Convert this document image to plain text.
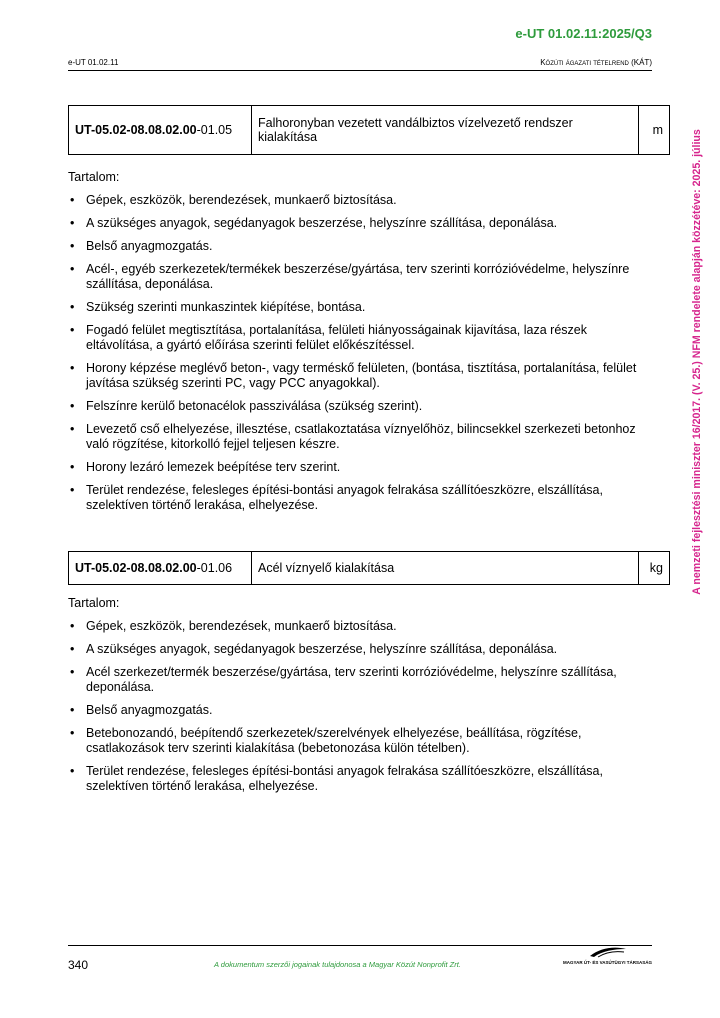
e-UT 01.02.11:2025/Q3
e-UT 01.02.11	Közúti ágazati tételrend (KÁT)
A nemzeti fejlesztési miniszter 16/2017. (V. 25.) NFM rendelete alapján közzétéve: 2025. július
UT-05.02-08.08.02.00-01.05	Falhoronyban vezetett vandálbiztos vízelvezető rendszer kialakítása	m
Tartalom:
• Gépek, eszközök, berendezések, munkaerő biztosítása.
• A szükséges anyagok, segédanyagok beszerzése, helyszínre szállítása, deponálása.
• Belső anyagmozgatás.
• Acél-, egyéb szerkezetek/termékek beszerzése/gyártása, terv szerinti korrózióvédelme, helyszínre szállítása, deponálása.
• Szükség szerinti munkaszintek kiépítése, bontása.
• Fogadó felület megtisztítása, portalanítása, felületi hiányosságainak kijavítása, laza részek eltávolítása, a gyártó előírása szerinti felület előkészítéssel.
• Horony képzése meglévő beton-, vagy terméskő felületen, (bontása, tisztítása, portalanítása, felület javítása szükség szerinti PC, vagy PCC anyagokkal).
• Felszínre kerülő betonacélok passziválása (szükség szerint).
• Levezető cső elhelyezése, illesztése, csatlakoztatása víznyelőhöz, bilincsekkel szerkezeti betonhoz való rögzítése, kitorkolló fejjel teljesen készre.
• Horony lezáró lemezek beépítése terv szerint.
• Terület rendezése, felesleges építési-bontási anyagok felrakása szállítóeszközre, elszállítása, szelektíven történő lerakása, elhelyezése.
UT-05.02-08.08.02.00-01.06	Acél víznyelő kialakítása	kg
Tartalom:
• Gépek, eszközök, berendezések, munkaerő biztosítása.
• A szükséges anyagok, segédanyagok beszerzése, helyszínre szállítása, deponálása.
• Acél szerkezet/termék beszerzése/gyártása, terv szerinti korrózióvédelme, helyszínre szállítása, deponálása.
• Belső anyagmozgatás.
• Betebonozandó, beépítendő szerkezetek/szerelvények elhelyezése, beállítása, rögzítése, csatlakozások terv szerinti kialakítása (bebetonozása külön tételben).
• Terület rendezése, felesleges építési-bontási anyagok felrakása szállítóeszközre, elszállítása, szelektíven történő lerakása, elhelyezése.
340	A dokumentum szerzői jogainak tulajdonosa a Magyar Közút Nonprofit Zrt.	MAGYAR ÚT- ÉS VASÚTÜGYI TÁRSASÁG
